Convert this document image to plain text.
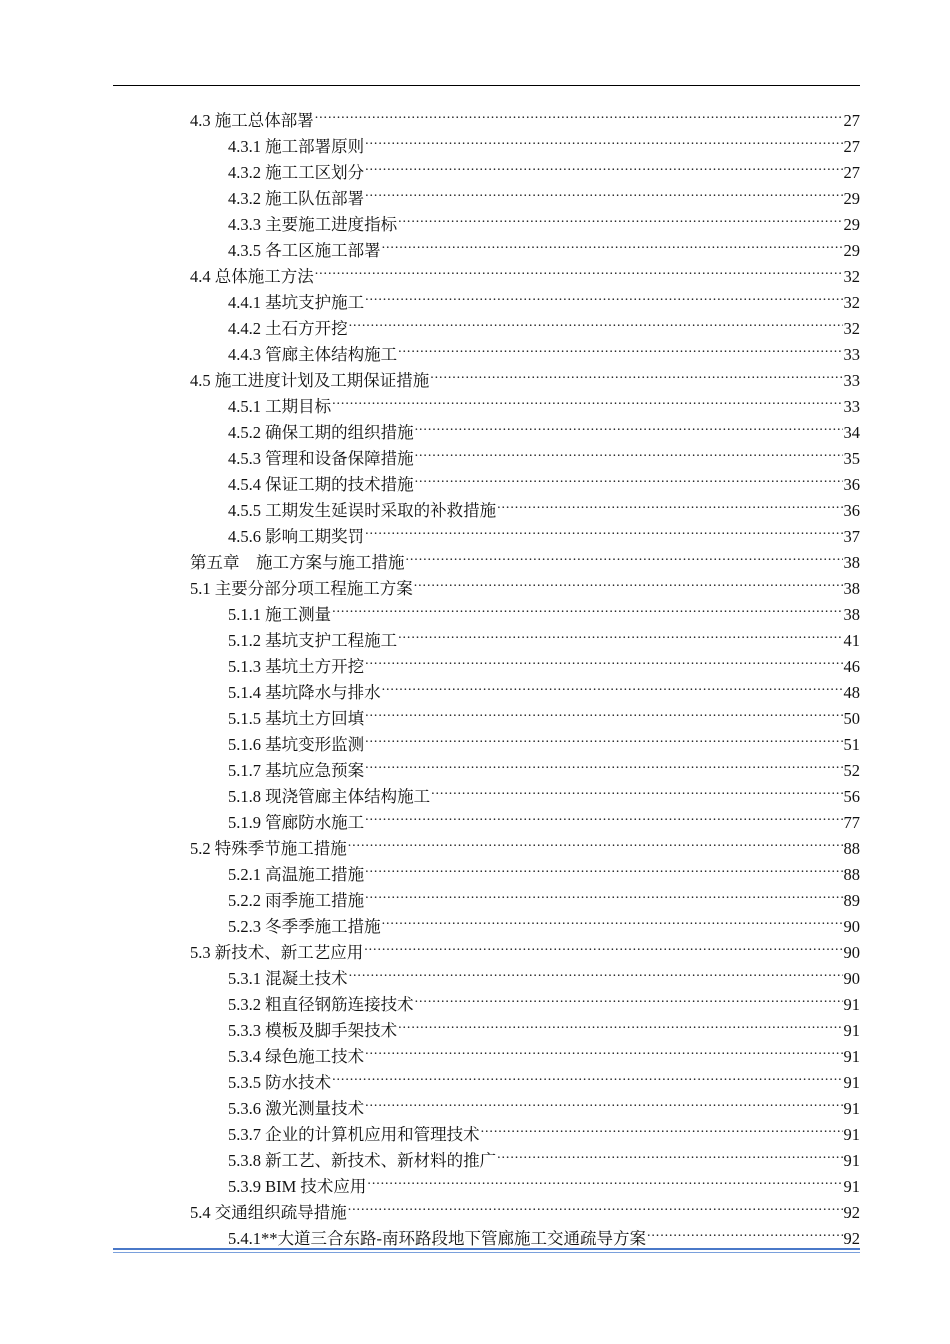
4.3 施工总体部署 .....	27
4.3.1 施工部署原则 .....	27
4.3.2 施工工区划分 .....	27
4.3.2 施工队伍部署 .....	29
4.3.3 主要施工进度指标 .....	29
4.3.5 各工区施工部署 .....	29
4.4 总体施工方法 .....	32
4.4.1 基坑支护施工 .....	32
4.4.2 土石方开挖 .....	32
4.4.3 管廊主体结构施工 .....	33
4.5 施工进度计划及工期保证措施 .....	33
4.5.1 工期目标 .....	33
4.5.2 确保工期的组织措施 .....	34
4.5.3 管理和设备保障措施 .....	35
4.5.4 保证工期的技术措施 .....	36
4.5.5 工期发生延误时采取的补救措施 .....	36
4.5.6 影响工期奖罚 .....	37
第五章　施工方案与施工措施 .....	38
5.1 主要分部分项工程施工方案 .....	38
5.1.1 施工测量 .....	38
5.1.2 基坑支护工程施工 .....	41
5.1.3 基坑土方开挖 .....	46
5.1.4 基坑降水与排水 .....	48
5.1.5 基坑土方回填 .....	50
5.1.6 基坑变形监测 .....	51
5.1.7 基坑应急预案 .....	52
5.1.8 现浇管廊主体结构施工 .....	56
5.1.9 管廊防水施工 .....	77
5.2 特殊季节施工措施 .....	88
5.2.1 高温施工措施 .....	88
5.2.2 雨季施工措施 .....	89
5.2.3 冬季季施工措施 .....	90
5.3 新技术、新工艺应用 .....	90
5.3.1 混凝土技术 .....	90
5.3.2 粗直径钢筋连接技术 .....	91
5.3.3 模板及脚手架技术 .....	91
5.3.4 绿色施工技术 .....	91
5.3.5 防水技术 .....	91
5.3.6 激光测量技术 .....	91
5.3.7 企业的计算机应用和管理技术 .....	91
5.3.8 新工艺、新技术、新材料的推广 .....	91
5.3.9 BIM 技术应用 .....	91
5.4 交通组织疏导措施 .....	92
5.4.1**大道三合东路-南环路段地下管廊施工交通疏导方案 .....	92
